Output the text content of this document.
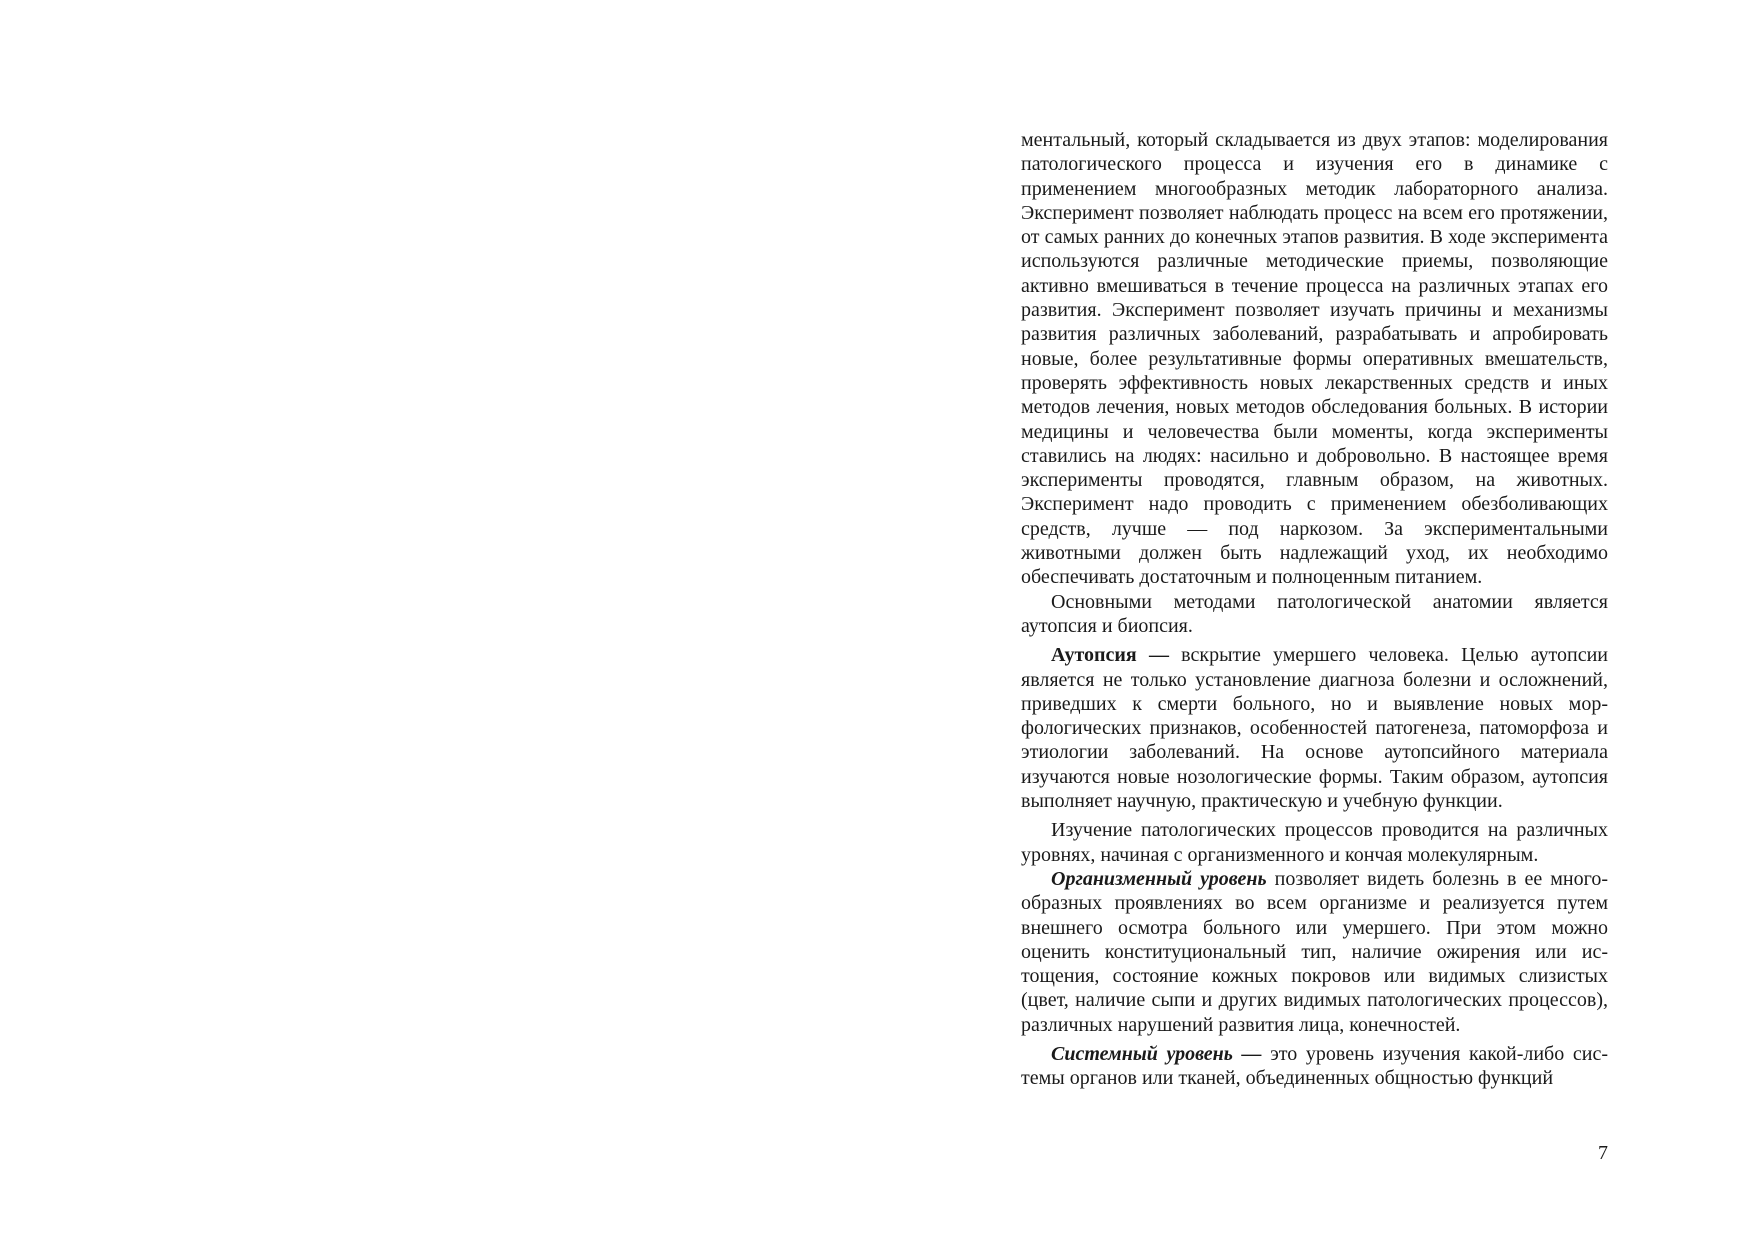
ментальный, который складывается из двух этапов: моделирования патологического процесса и изучения его в динамике с применением многообразных методик лабораторного анализа. Эксперимент позволяет наблюдать процесс на всем его протяжении, от самых ранних до конечных этапов развития. В ходе эксперимента используются различные методические приемы, позволяющие активно вмешиваться в течение процесса на различных этапах его развития. Эксперимент позволяет изучать причины и механизмы развития различных заболеваний, разрабатывать и апробировать новые, более результативные формы оперативных вмешательств, проверять эффективность новых лекарственных средств и иных методов лечения, новых методов обследования больных. В истории медицины и человечества были моменты, когда эксперименты ставились на людях: насильно и добровольно. В настоящее время эксперименты проводятся, главным образом, на животных. Эксперимент надо проводить с применением обезболивающих средств, лучше — под наркозом. За экспериментальными животными должен быть надлежащий уход, их необходимо обеспечивать достаточным и полноценным питанием.

Основными методами патологической анатомии является аутопсия и биопсия.

Аутопсия — вскрытие умершего человека. Целью аутопсии является не только установление диагноза болезни и осложнений, приведших к смерти больного, но и выявление новых морфологических признаков, особенностей патогенеза, патоморфоза и этиологии заболеваний. На основе аутопсийного материала изучаются новые нозологические формы. Таким образом, аутопсия выполняет научную, практическую и учебную функции.

Изучение патологических процессов проводится на различных уровнях, начиная с организменного и кончая молекулярным.

Организменный уровень позволяет видеть болезнь в ее многообразных проявлениях во всем организме и реализуется путем внешнего осмотра больного или умершего. При этом можно оценить конституциональный тип, наличие ожирения или истощения, состояние кожных покровов или видимых слизистых (цвет, наличие сыпи и других видимых патологических процессов), различных нарушений развития лица, конечностей.

Системный уровень — это уровень изучения какой-либо системы органов или тканей, объединенных общностью функций

7
